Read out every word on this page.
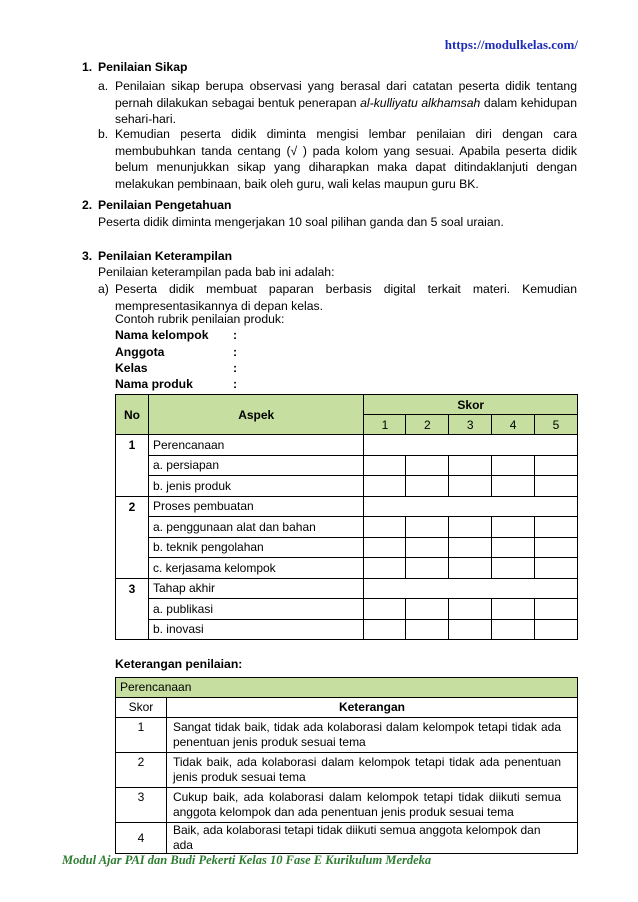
https://modulkelas.com/
1. Penilaian Sikap
a. Penilaian sikap berupa observasi yang berasal dari catatan peserta didik tentang pernah dilakukan sebagai bentuk penerapan al-kulliyatu alkhamsah dalam kehidupan sehari-hari.
b. Kemudian peserta didik diminta mengisi lembar penilaian diri dengan cara membubuhkan tanda centang (√ ) pada kolom yang sesuai. Apabila peserta didik belum menunjukkan sikap yang diharapkan maka dapat ditindaklanjuti dengan melakukan pembinaan, baik oleh guru, wali kelas maupun guru BK.
2. Penilaian Pengetahuan
Peserta didik diminta mengerjakan 10 soal pilihan ganda dan 5 soal uraian.
3. Penilaian Keterampilan
Penilaian keterampilan pada bab ini adalah:
a) Peserta didik membuat paparan berbasis digital terkait materi. Kemudian mempresentasikannya di depan kelas.
Contoh rubrik penilaian produk:
Nama kelompok :
Anggota	:
Kelas	:
Nama produk	:
No	Aspek	Skor				
		1	2	3	4	5
1	Perencanaan					
	a. persiapan					
	b. jenis produk					
2	Proses pembuatan					
	a. penggunaan alat dan bahan					
	b. teknik pengolahan					
	c. kerjasama kelompok					
3	Tahap akhir					
	a. publikasi					
	b. inovasi					
Keterangan penilaian:
Perencanaan	
Skor	Keterangan
1	Sangat tidak baik, tidak ada kolaborasi dalam kelompok tetapi tidak ada penentuan jenis produk sesuai tema
2	Tidak baik, ada kolaborasi dalam kelompok tetapi tidak ada penentuan jenis produk sesuai tema
3	Cukup baik, ada kolaborasi dalam kelompok tetapi tidak diikuti semua anggota kelompok dan ada penentuan jenis produk sesuai tema
4	Baik, ada kolaborasi tetapi tidak diikuti semua anggota kelompok dan ada
Modul Ajar PAI dan Budi Pekerti Kelas 10 Fase E Kurikulum Merdeka
